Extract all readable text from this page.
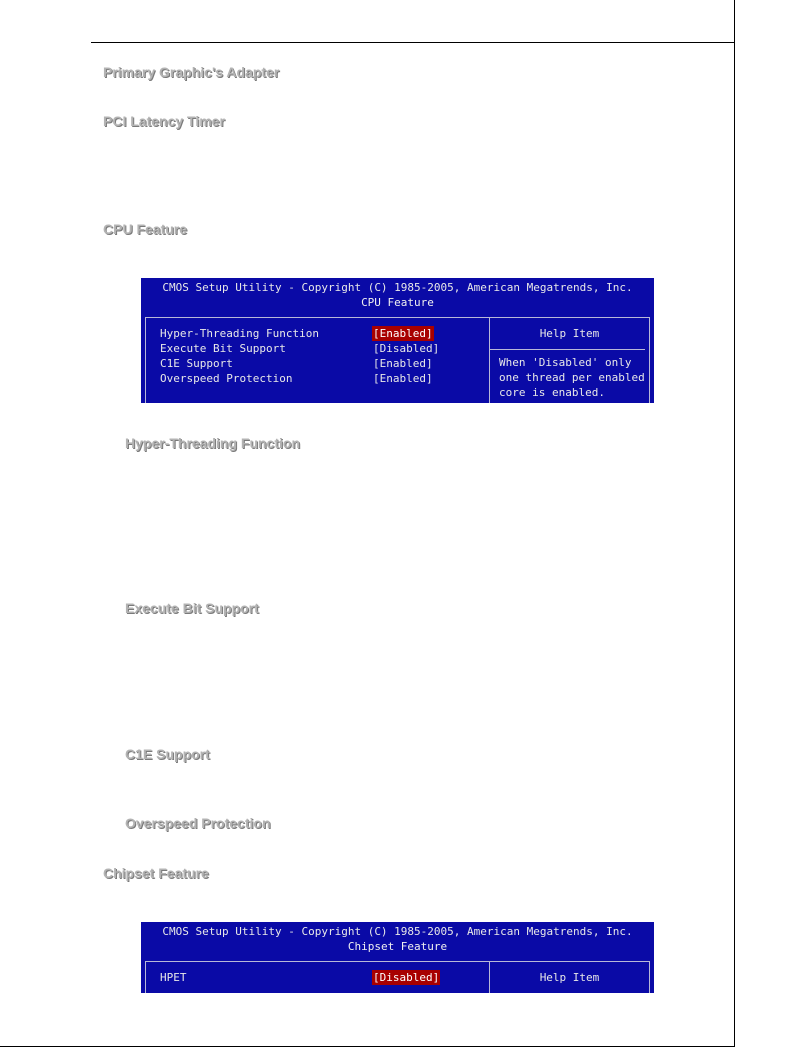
Primary Graphic's Adapter
PCI Latency Timer
CPU Feature
CMOS Setup Utility - Copyright (C) 1985-2005, American Megatrends, Inc.
CPU Feature
Hyper-Threading Function	[Enabled]
Execute Bit Support	[Disabled]
C1E Support	[Enabled]
Overspeed Protection	[Enabled]
Help Item
When 'Disabled' only
one thread per enabled
core is enabled.
Hyper-Threading Function
Execute Bit Support
C1E Support
Overspeed Protection
Chipset Feature
CMOS Setup Utility - Copyright (C) 1985-2005, American Megatrends, Inc.
Chipset Feature
HPET	[Disabled]	Help Item
